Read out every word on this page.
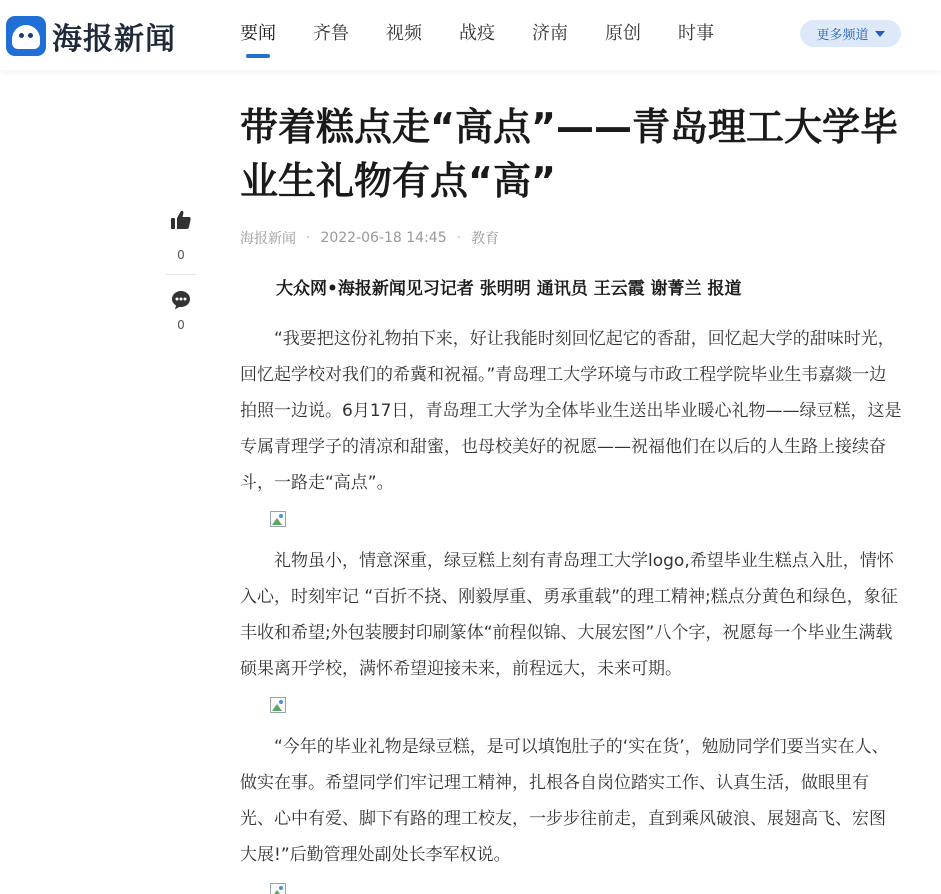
海报新闻	要闻 齐鲁 视频 战疫 济南 原创 时事	更多频道
0
0
带着糕点走“高点”——青岛理工大学毕业生礼物有点“高”
海报新闻 · 2022-06-18 14:45 · 教育
大众网•海报新闻见习记者 张明明 通讯员 王云霞 谢菁兰 报道

“我要把这份礼物拍下来，好让我能时刻回忆起它的香甜，回忆起大学的甜味时光，回忆起学校对我们的希冀和祝福。”青岛理工大学环境与市政工程学院毕业生韦嘉燚一边拍照一边说。6月17日，青岛理工大学为全体毕业生送出毕业暖心礼物——绿豆糕，这是 专属青理学子的清凉和甜蜜，也母校美好的祝愿——祝福他们在以后的人生路上接续奋斗，一路走“高点”。

礼物虽小，情意深重，绿豆糕上刻有青岛理工大学logo,希望毕业生糕点入肚，情怀入心，时刻牢记 “百折不挠、刚毅厚重、勇承重载”的理工精神;糕点分黄色和绿色，象征丰收和希望;外包装腰封印刷篆体“前程似锦、大展宏图”八个字，祝愿每一个毕业生满载硕果离开学校，满怀希望迎接未来，前程远大，未来可期。

“今年的毕业礼物是绿豆糕，是可以填饱肚子的‘实在货’，勉励同学们要当实在人、做实在事。希望同学们牢记理工精神，扎根各自岗位踏实工作、认真生活，做眼里有光、心中有爱、脚下有路的理工校友，一步步往前走，直到乘风破浪、展翅高飞、宏图大展!”后勤管理处副处长李军权说。
